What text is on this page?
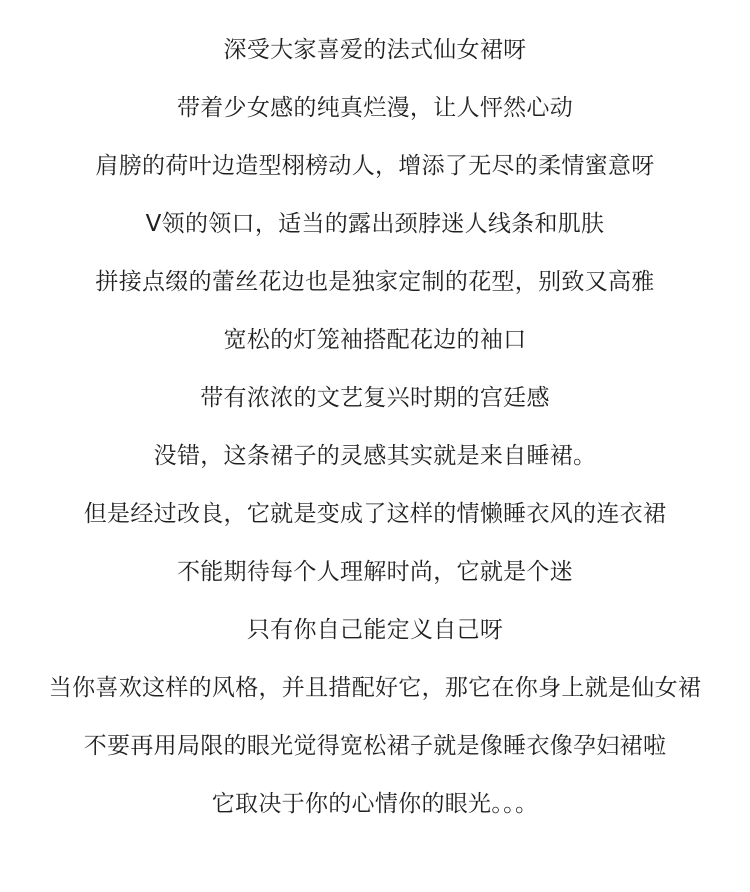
深受大家喜爱的法式仙女裙呀
带着少女感的纯真烂漫，让人怦然心动
肩膀的荷叶边造型栩榜动人，增添了无尽的柔情蜜意呀
V领的领口，适当的露出颈脖迷人线条和肌肤
拼接点缀的蕾丝花边也是独家定制的花型，别致又高雅
宽松的灯笼袖搭配花边的袖口
带有浓浓的文艺复兴时期的宫廷感
没错，这条裙子的灵感其实就是来自睡裙。
但是经过改良，它就是变成了这样的情懒睡衣风的连衣裙
不能期待每个人理解时尚，它就是个迷
只有你自己能定义自己呀
当你喜欢这样的风格，并且措配好它，那它在你身上就是仙女裙
不要再用局限的眼光觉得宽松裙子就是像睡衣像孕妇裙啦
它取决于你的心情你的眼光。。。
